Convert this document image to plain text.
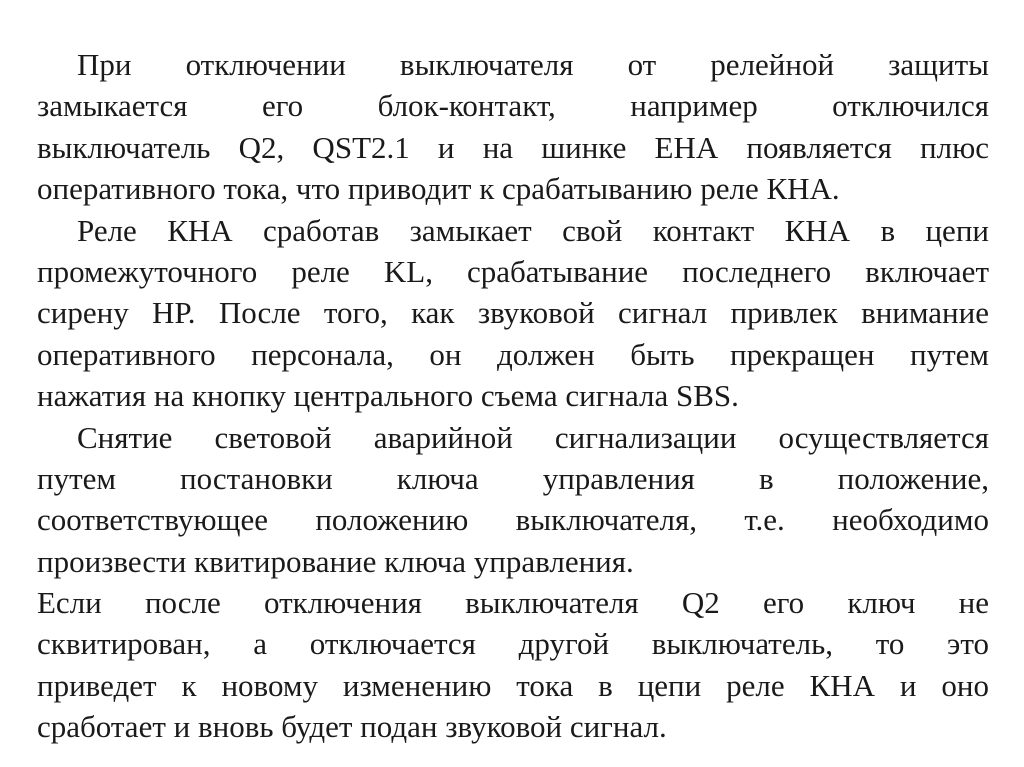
При отключении выключателя от релейной защиты
замыкается его блок-контакт, например отключился
выключатель Q2, QST2.1 и на шинке ЕНА появляется плюс
оперативного тока, что приводит к срабатыванию реле КНА.
Реле КНА сработав замыкает свой контакт КНА в цепи
промежуточного реле KL, срабатывание последнего включает
сирену НР. После того, как звуковой сигнал привлек внимание
оперативного персонала, он должен быть прекращен путем
нажатия на кнопку центрального съема сигнала SBS.
Снятие световой аварийной сигнализации осуществляется
путем постановки ключа управления в положение,
соответствующее положению выключателя, т.е. необходимо
произвести квитирование ключа управления.
Если после отключения выключателя Q2 его ключ не
сквитирован, а отключается другой выключатель, то это
приведет к новому изменению тока в цепи реле КНА и оно
сработает и вновь будет подан звуковой сигнал.
